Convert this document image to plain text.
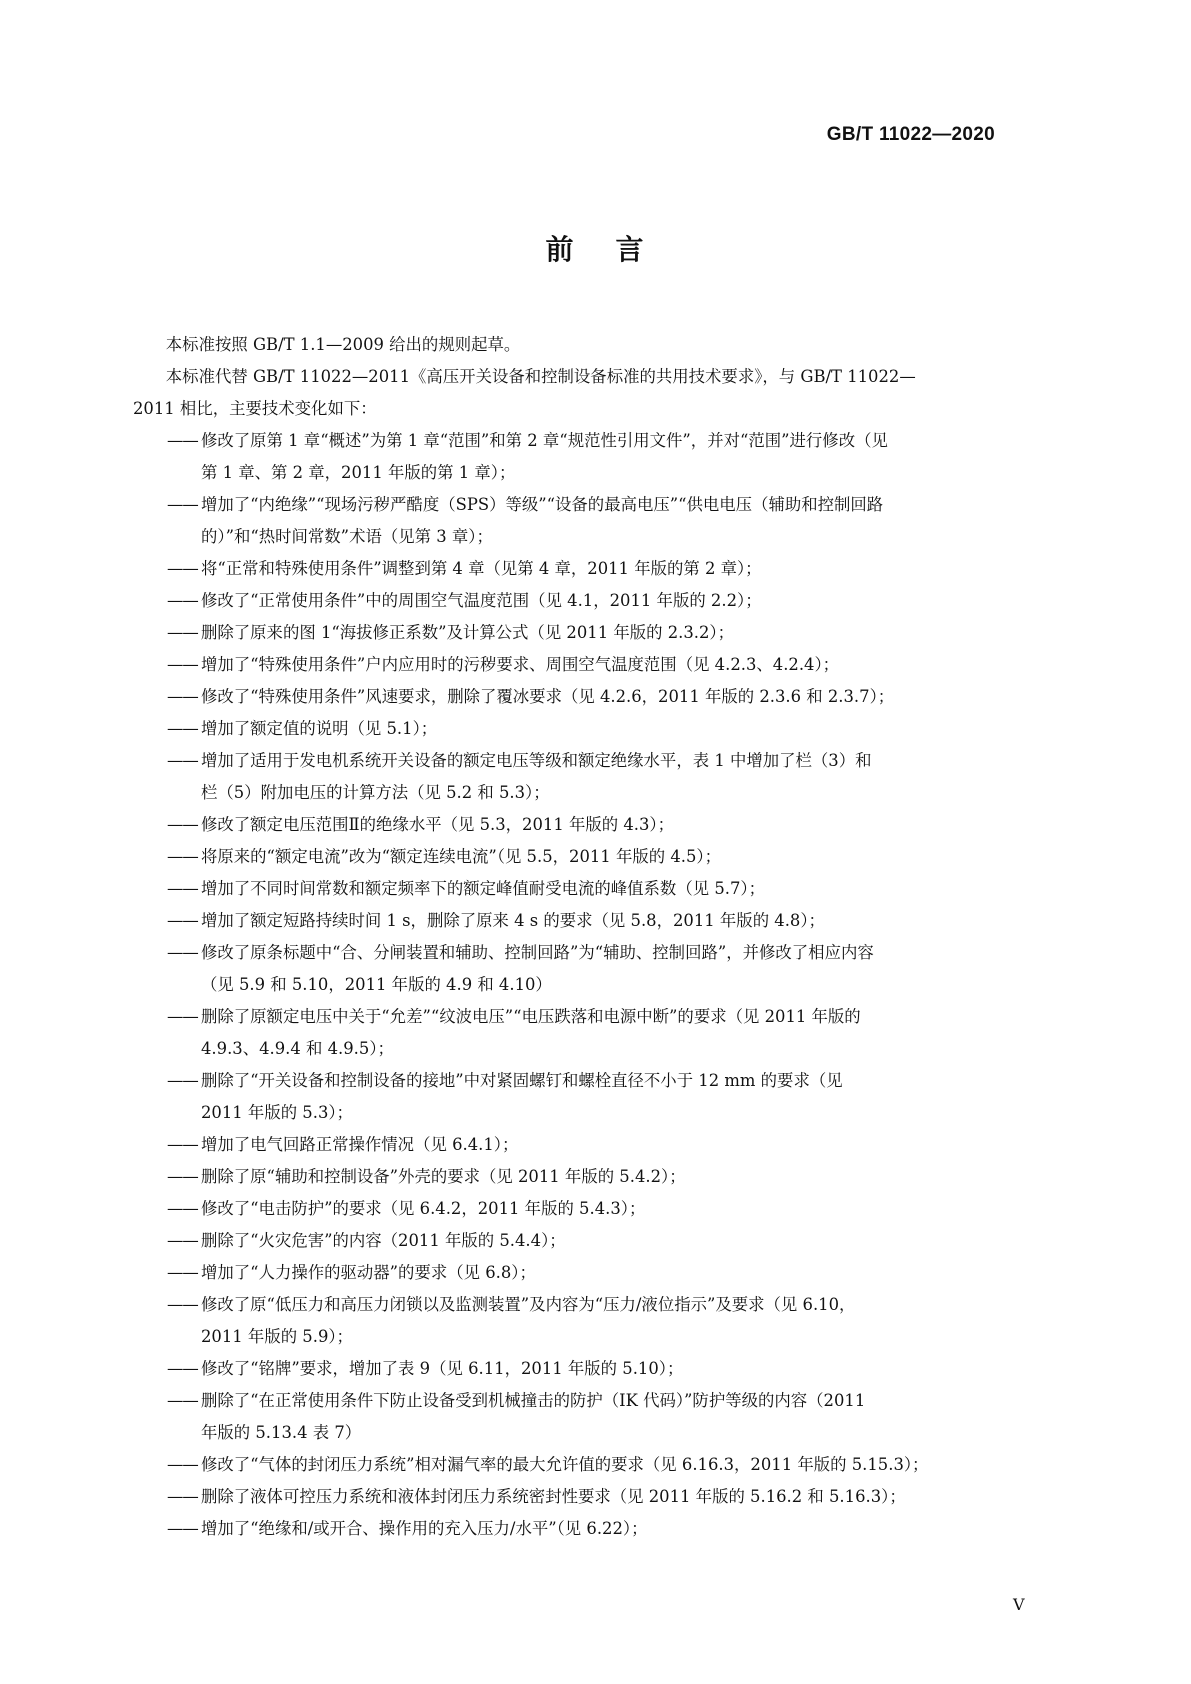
GB/T 11022—2020
前 言
本标准按照 GB/T 1.1—2009 给出的规则起草。
本标准代替 GB/T 11022—2011《高压开关设备和控制设备标准的共用技术要求》，与 GB/T 11022—
2011 相比，主要技术变化如下：
—— 修改了原第 1 章“概述”为第 1 章“范围”和第 2 章“规范性引用文件”，并对“范围”进行修改（见
第 1 章、第 2 章，2011 年版的第 1 章）；
—— 增加了“内绝缘”“现场污秽严酷度（SPS）等级”“设备的最高电压”“供电电压（辅助和控制回路
的）”和“热时间常数”术语（见第 3 章）；
—— 将“正常和特殊使用条件”调整到第 4 章（见第 4 章，2011 年版的第 2 章）；
—— 修改了“正常使用条件”中的周围空气温度范围（见 4.1，2011 年版的 2.2）；
—— 删除了原来的图 1“海拔修正系数”及计算公式（见 2011 年版的 2.3.2）；
—— 增加了“特殊使用条件”户内应用时的污秽要求、周围空气温度范围（见 4.2.3、4.2.4）；
—— 修改了“特殊使用条件”风速要求，删除了覆冰要求（见 4.2.6，2011 年版的 2.3.6 和 2.3.7）；
—— 增加了额定值的说明（见 5.1）；
—— 增加了适用于发电机系统开关设备的额定电压等级和额定绝缘水平，表 1 中增加了栏（3）和
栏（5）附加电压的计算方法（见 5.2 和 5.3）；
—— 修改了额定电压范围Ⅱ的绝缘水平（见 5.3，2011 年版的 4.3）；
—— 将原来的“额定电流”改为“额定连续电流”（见 5.5，2011 年版的 4.5）；
—— 增加了不同时间常数和额定频率下的额定峰值耐受电流的峰值系数（见 5.7）；
—— 增加了额定短路持续时间 1 s，删除了原来 4 s 的要求（见 5.8，2011 年版的 4.8）；
—— 修改了原条标题中“合、分闸装置和辅助、控制回路”为“辅助、控制回路”，并修改了相应内容
（见 5.9 和 5.10，2011 年版的 4.9 和 4.10）
—— 删除了原额定电压中关于“允差”“纹波电压”“电压跌落和电源中断”的要求（见 2011 年版的
4.9.3、4.9.4 和 4.9.5）；
—— 删除了“开关设备和控制设备的接地”中对紧固螺钉和螺栓直径不小于 12 mm 的要求（见
2011 年版的 5.3）；
—— 增加了电气回路正常操作情况（见 6.4.1）；
—— 删除了原“辅助和控制设备”外壳的要求（见 2011 年版的 5.4.2）；
—— 修改了“电击防护”的要求（见 6.4.2，2011 年版的 5.4.3）；
—— 删除了“火灾危害”的内容（2011 年版的 5.4.4）；
—— 增加了“人力操作的驱动器”的要求（见 6.8）；
—— 修改了原“低压力和高压力闭锁以及监测装置”及内容为“压力/液位指示”及要求（见 6.10，
2011 年版的 5.9）；
—— 修改了“铭牌”要求，增加了表 9（见 6.11，2011 年版的 5.10）；
—— 删除了“在正常使用条件下防止设备受到机械撞击的防护（IK 代码）”防护等级的内容（2011
年版的 5.13.4 表 7）
—— 修改了“气体的封闭压力系统”相对漏气率的最大允许值的要求（见 6.16.3，2011 年版的 5.15.3）；
—— 删除了液体可控压力系统和液体封闭压力系统密封性要求（见 2011 年版的 5.16.2 和 5.16.3）；
—— 增加了“绝缘和/或开合、操作用的充入压力/水平”（见 6.22）；
V
